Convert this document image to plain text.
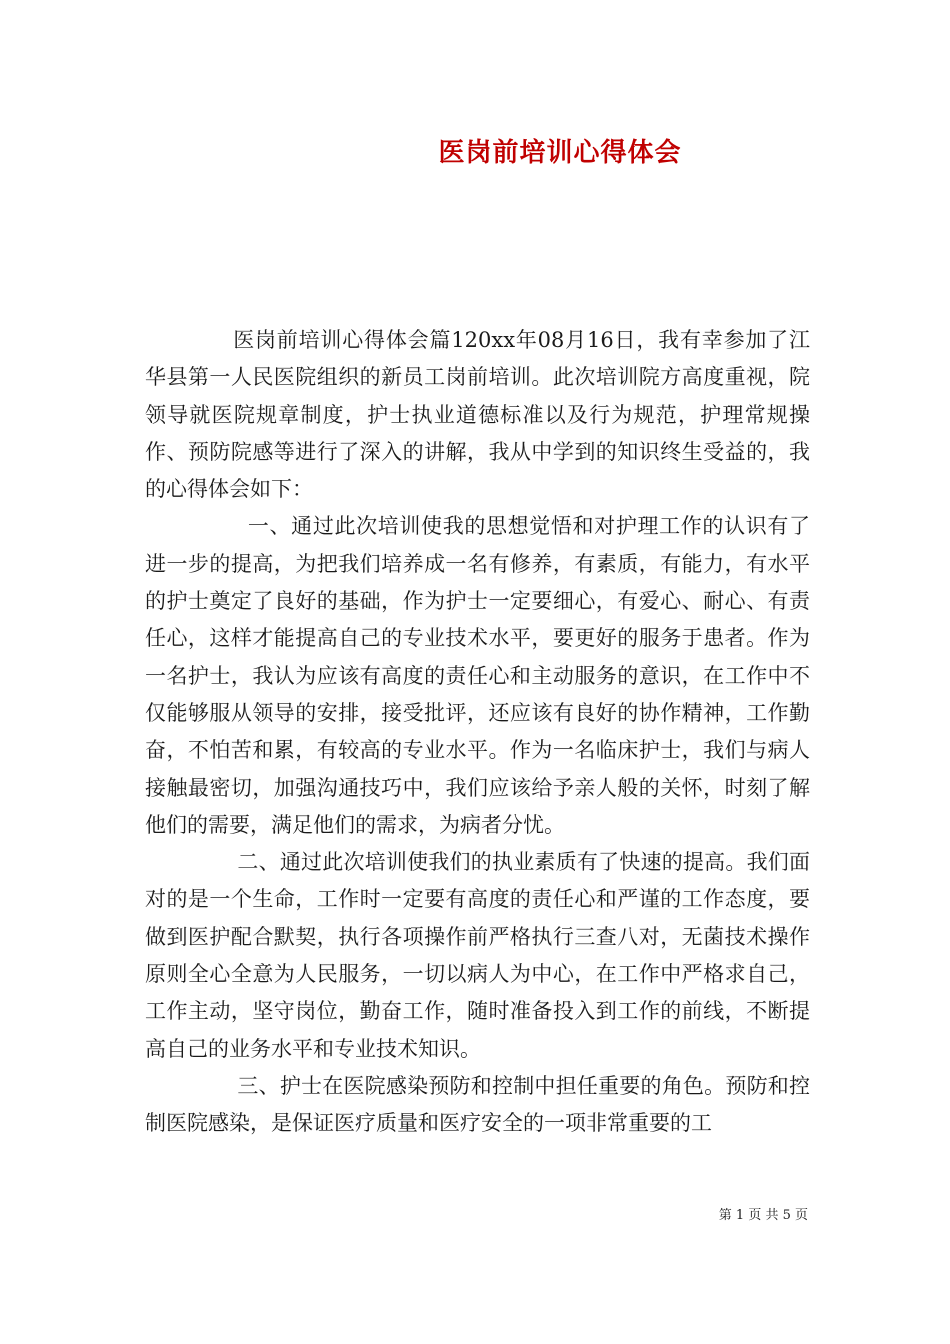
医岗前培训心得体会

医岗前培训心得体会篇120xx年08月16日，我有幸参加了江华县第一人民医院组织的新员工岗前培训。此次培训院方高度重视，院领导就医院规章制度，护士执业道德标准以及行为规范，护理常规操作、预防院感等进行了深入的讲解，我从中学到的知识终生受益的，我的心得体会如下：

一、通过此次培训使我的思想觉悟和对护理工作的认识有了进一步的提高，为把我们培养成一名有修养，有素质，有能力，有水平的护士奠定了良好的基础，作为护士一定要细心，有爱心、耐心、有责任心，这样才能提高自己的专业技术水平，要更好的服务于患者。作为一名护士，我认为应该有高度的责任心和主动服务的意识，在工作中不仅能够服从领导的安排，接受批评，还应该有良好的协作精神，工作勤奋，不怕苦和累，有较高的专业水平。作为一名临床护士，我们与病人接触最密切，加强沟通技巧中，我们应该给予亲人般的关怀，时刻了解他们的需要，满足他们的需求，为病者分忧。

二、通过此次培训使我们的执业素质有了快速的提高。我们面对的是一个生命，工作时一定要有高度的责任心和严谨的工作态度，要做到医护配合默契，执行各项操作前严格执行三查八对，无菌技术操作原则全心全意为人民服务，一切以病人为中心，在工作中严格求自己，工作主动，坚守岗位，勤奋工作，随时准备投入到工作的前线，不断提高自己的业务水平和专业技术知识。

三、护士在医院感染预防和控制中担任重要的角色。预防和控制医院感染，是保证医疗质量和医疗安全的一项非常重要的工

第 1 页 共 5 页
